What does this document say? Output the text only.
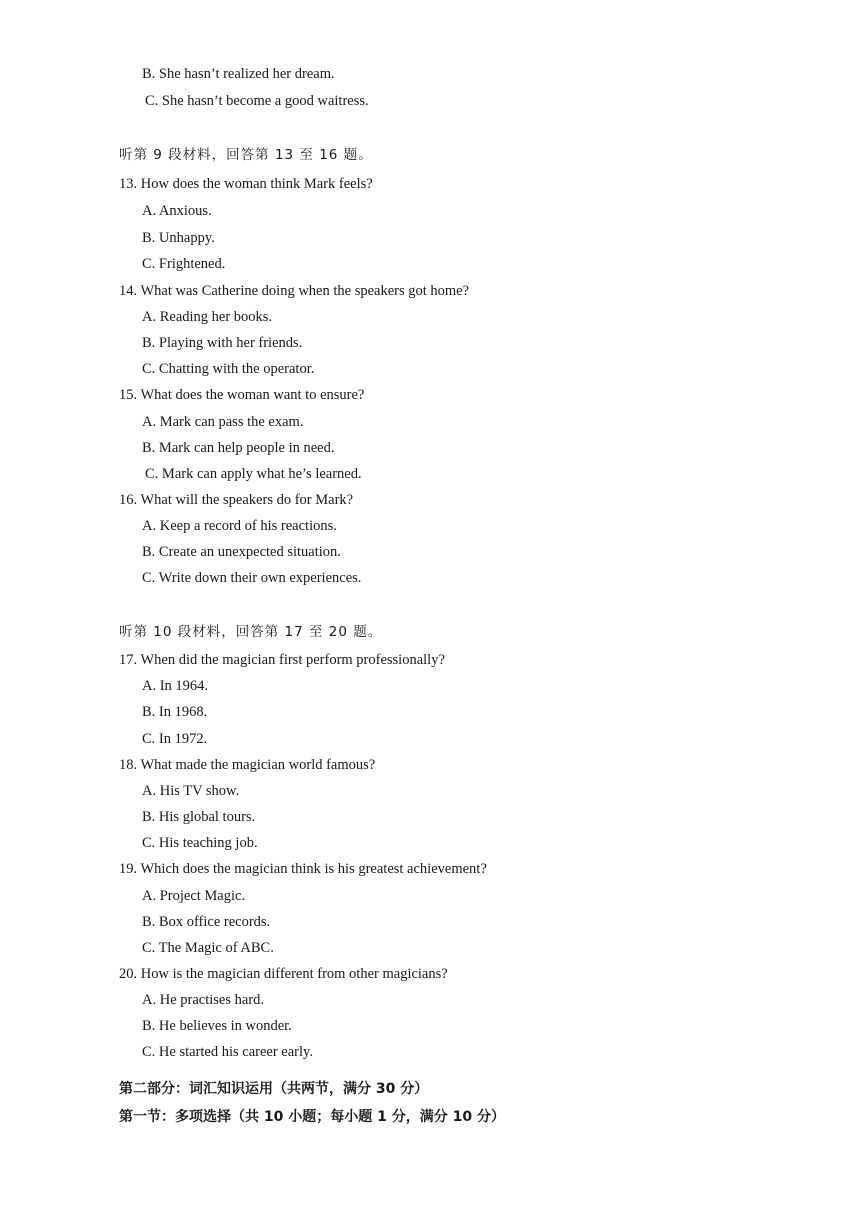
B. She hasn’t realized her dream.
C. She hasn’t become a good waitress.
听第 9 段材料，回答第 13 至 16 题。
13. How does the woman think Mark feels?
A. Anxious.
B. Unhappy.
C. Frightened.
14. What was Catherine doing when the speakers got home?
A. Reading her books.
B. Playing with her friends.
C. Chatting with the operator.
15. What does the woman want to ensure?
A. Mark can pass the exam.
B. Mark can help people in need.
C. Mark can apply what he’s learned.
16. What will the speakers do for Mark?
A. Keep a record of his reactions.
B. Create an unexpected situation.
C. Write down their own experiences.
听第 10 段材料，回答第 17 至 20 题。
17. When did the magician first perform professionally?
A. In 1964.
B. In 1968.
C. In 1972.
18. What made the magician world famous?
A. His TV show.
B. His global tours.
C. His teaching job.
19. Which does the magician think is his greatest achievement?
A. Project Magic.
B. Box office records.
C. The Magic of ABC.
20. How is the magician different from other magicians?
A. He practises hard.
B. He believes in wonder.
C. He started his career early.
第二部分：词汇知识运用（共两节，满分 30 分）
第一节：多项选择（共 10 小题；每小题 1 分，满分 10 分）
